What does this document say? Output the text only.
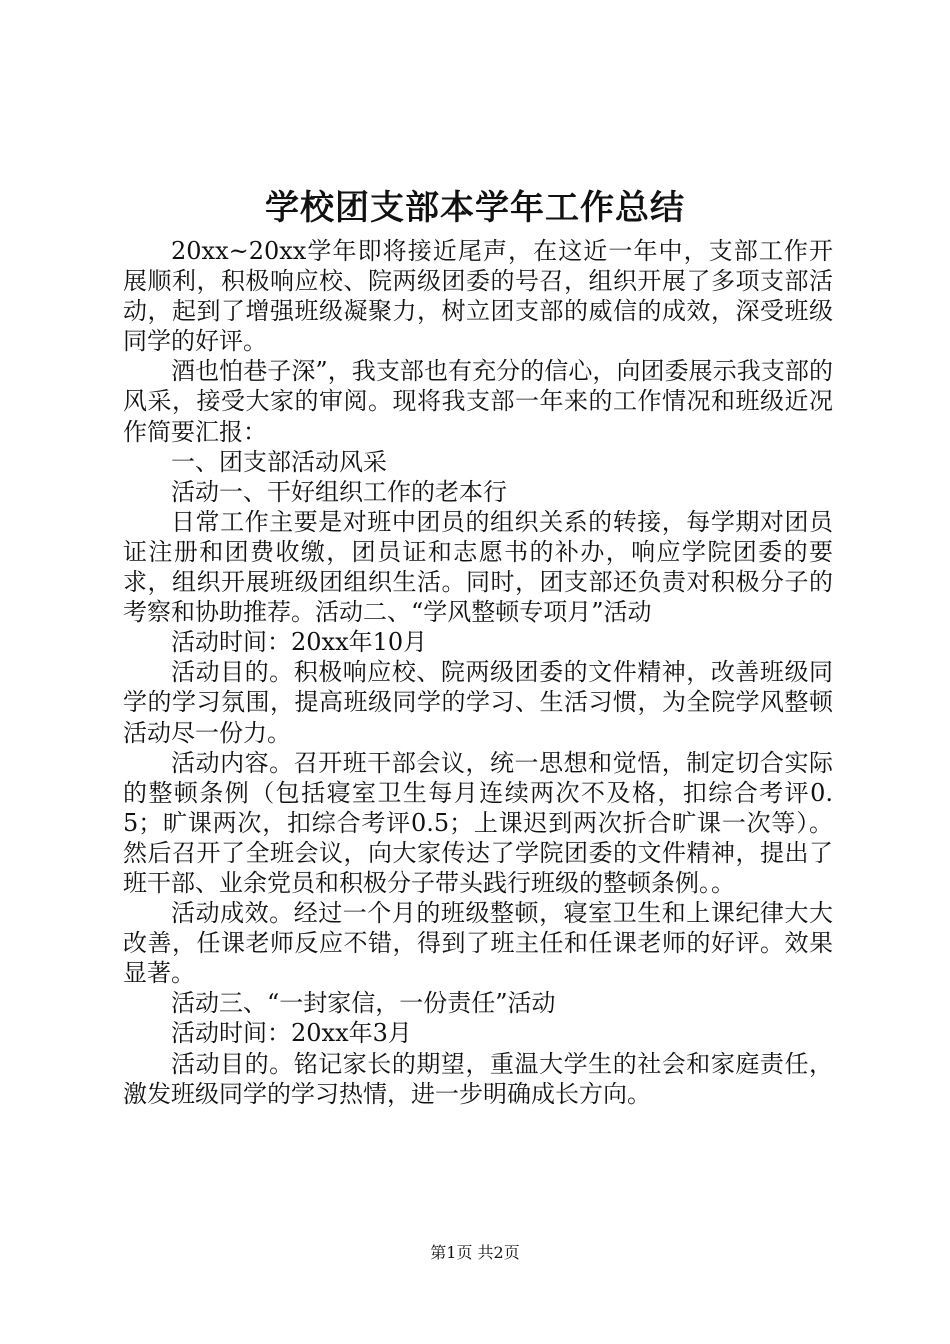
学校团支部本学年工作总结

20xx~20xx学年即将接近尾声，在这近一年中，支部工作开展顺利，积极响应校、院两级团委的号召，组织开展了多项支部活动，起到了增强班级凝聚力，树立团支部的威信的成效，深受班级同学的好评。

酒也怕巷子深”，我支部也有充分的信心，向团委展示我支部的风采，接受大家的审阅。现将我支部一年来的工作情况和班级近况作简要汇报：

一、团支部活动风采

活动一、干好组织工作的老本行

日常工作主要是对班中团员的组织关系的转接，每学期对团员证注册和团费收缴，团员证和志愿书的补办，响应学院团委的要求，组织开展班级团组织生活。同时，团支部还负责对积极分子的考察和协助推荐。活动二、“学风整顿专项月”活动

活动时间：20xx年10月

活动目的。积极响应校、院两级团委的文件精神，改善班级同学的学习氛围，提高班级同学的学习、生活习惯，为全院学风整顿活动尽一份力。

活动内容。召开班干部会议，统一思想和觉悟，制定切合实际的整顿条例（包括寝室卫生每月连续两次不及格，扣综合考评0.5；旷课两次，扣综合考评0.5；上课迟到两次折合旷课一次等）。然后召开了全班会议，向大家传达了学院团委的文件精神，提出了班干部、业余党员和积极分子带头践行班级的整顿条例。。

活动成效。经过一个月的班级整顿，寝室卫生和上课纪律大大改善，任课老师反应不错，得到了班主任和任课老师的好评。效果显著。

活动三、“一封家信，一份责任”活动

活动时间：20xx年3月

活动目的。铭记家长的期望，重温大学生的社会和家庭责任，激发班级同学的学习热情，进一步明确成长方向。

第1页 共2页
